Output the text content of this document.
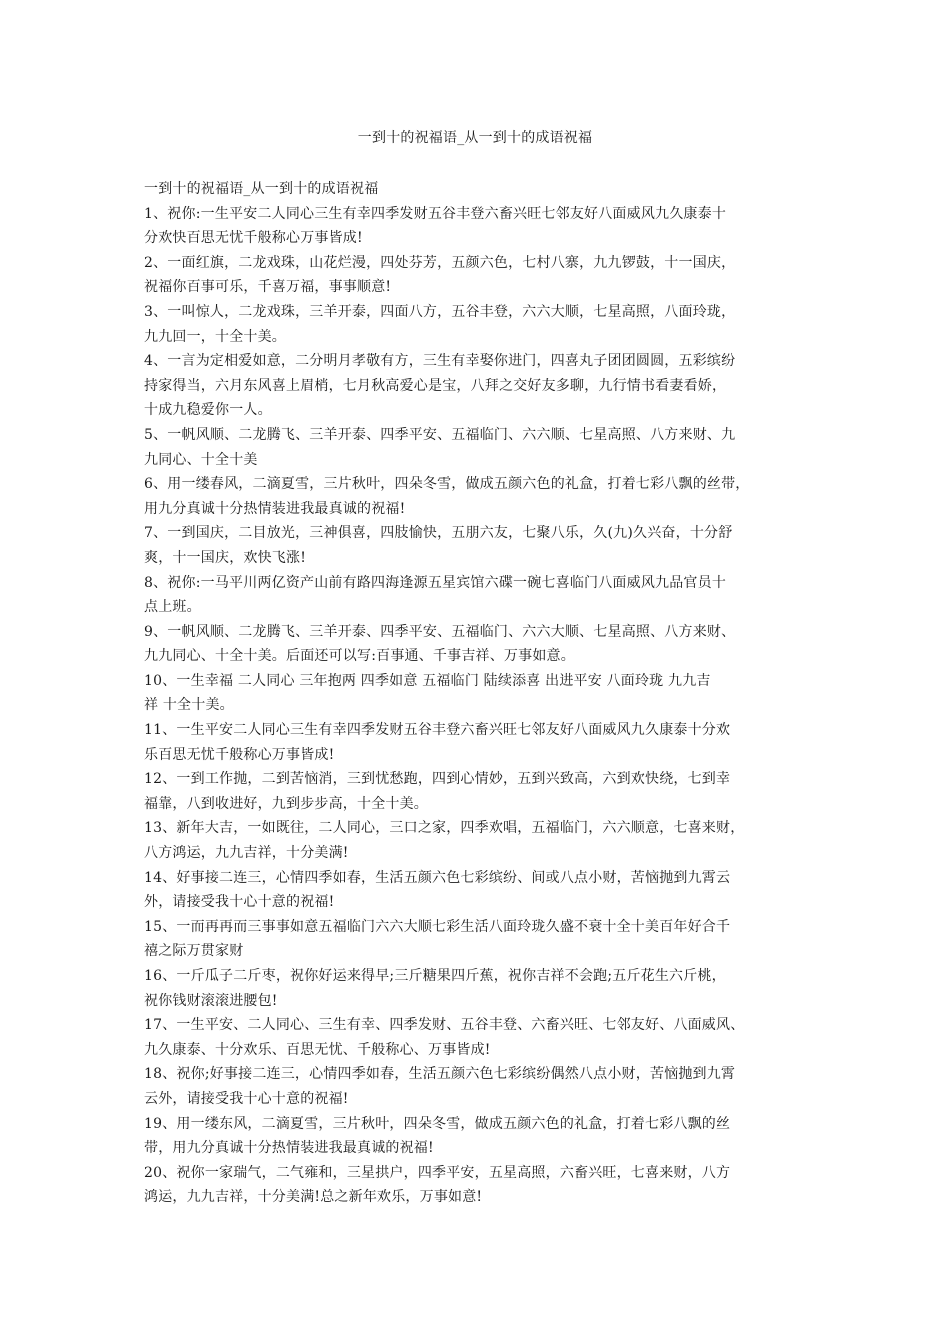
一到十的祝福语_从一到十的成语祝福
一到十的祝福语_从一到十的成语祝福
1、祝你:一生平安二人同心三生有幸四季发财五谷丰登六畜兴旺七邻友好八面威风九久康泰十
分欢快百思无忧千般称心万事皆成!
2、一面红旗，二龙戏珠，山花烂漫，四处芬芳，五颜六色，七村八寨，九九锣鼓，十一国庆，
祝福你百事可乐，千喜万福，事事顺意!
3、一叫惊人，二龙戏珠，三羊开泰，四面八方，五谷丰登，六六大顺，七星高照，八面玲珑，
九九回一，十全十美。
4、一言为定相爱如意，二分明月孝敬有方，三生有幸娶你进门，四喜丸子团团圆圆，五彩缤纷
持家得当，六月东风喜上眉梢，七月秋高爱心是宝，八拜之交好友多聊，九行情书看妻看娇，
十成九稳爱你一人。
5、一帆风顺、二龙腾飞、三羊开泰、四季平安、五福临门、六六顺、七星高照、八方来财、九
九同心、十全十美
6、用一缕春风，二滴夏雪，三片秋叶，四朵冬雪，做成五颜六色的礼盒，打着七彩八飘的丝带，
用九分真诚十分热情装进我最真诚的祝福!
7、一到国庆，二目放光，三神俱喜，四肢愉快，五朋六友，七聚八乐，久(九)久兴奋，十分舒
爽，十一国庆，欢快飞涨!
8、祝你:一马平川两亿资产山前有路四海逢源五星宾馆六碟一碗七喜临门八面威风九品官员十
点上班。
9、一帆风顺、二龙腾飞、三羊开泰、四季平安、五福临门、六六大顺、七星高照、八方来财、
九九同心、十全十美。后面还可以写:百事通、千事吉祥、万事如意。
10、一生幸福 二人同心 三年抱两 四季如意 五福临门 陆续添喜 出进平安 八面玲珑 九九吉
祥 十全十美。
11、一生平安二人同心三生有幸四季发财五谷丰登六畜兴旺七邻友好八面威风九久康泰十分欢
乐百思无忧千般称心万事皆成!
12、一到工作抛，二到苦恼消，三到忧愁跑，四到心情妙，五到兴致高，六到欢快绕，七到幸
福靠，八到收进好，九到步步高，十全十美。
13、新年大吉，一如既往，二人同心，三口之家，四季欢唱，五福临门，六六顺意，七喜来财，
八方鸿运，九九吉祥，十分美满!
14、好事接二连三，心情四季如春，生活五颜六色七彩缤纷、间或八点小财，苦恼抛到九霄云
外，请接受我十心十意的祝福!
15、一而再再而三事事如意五福临门六六大顺七彩生活八面玲珑久盛不衰十全十美百年好合千
禧之际万贯家财
16、一斤瓜子二斤枣，祝你好运来得早;三斤糖果四斤蕉，祝你吉祥不会跑;五斤花生六斤桃，
祝你钱财滚滚进腰包!
17、一生平安、二人同心、三生有幸、四季发财、五谷丰登、六畜兴旺、七邻友好、八面威风、
九久康泰、十分欢乐、百思无忧、千般称心、万事皆成!
18、祝你;好事接二连三，心情四季如春，生活五颜六色七彩缤纷偶然八点小财，苦恼抛到九霄
云外，请接受我十心十意的祝福!
19、用一缕东风，二滴夏雪，三片秋叶，四朵冬雪，做成五颜六色的礼盒，打着七彩八飘的丝
带，用九分真诚十分热情装进我最真诚的祝福!
20、祝你一家瑞气，二气雍和，三星拱户，四季平安，五星高照，六畜兴旺，七喜来财，八方
鸿运，九九吉祥，十分美满!总之新年欢乐，万事如意!
